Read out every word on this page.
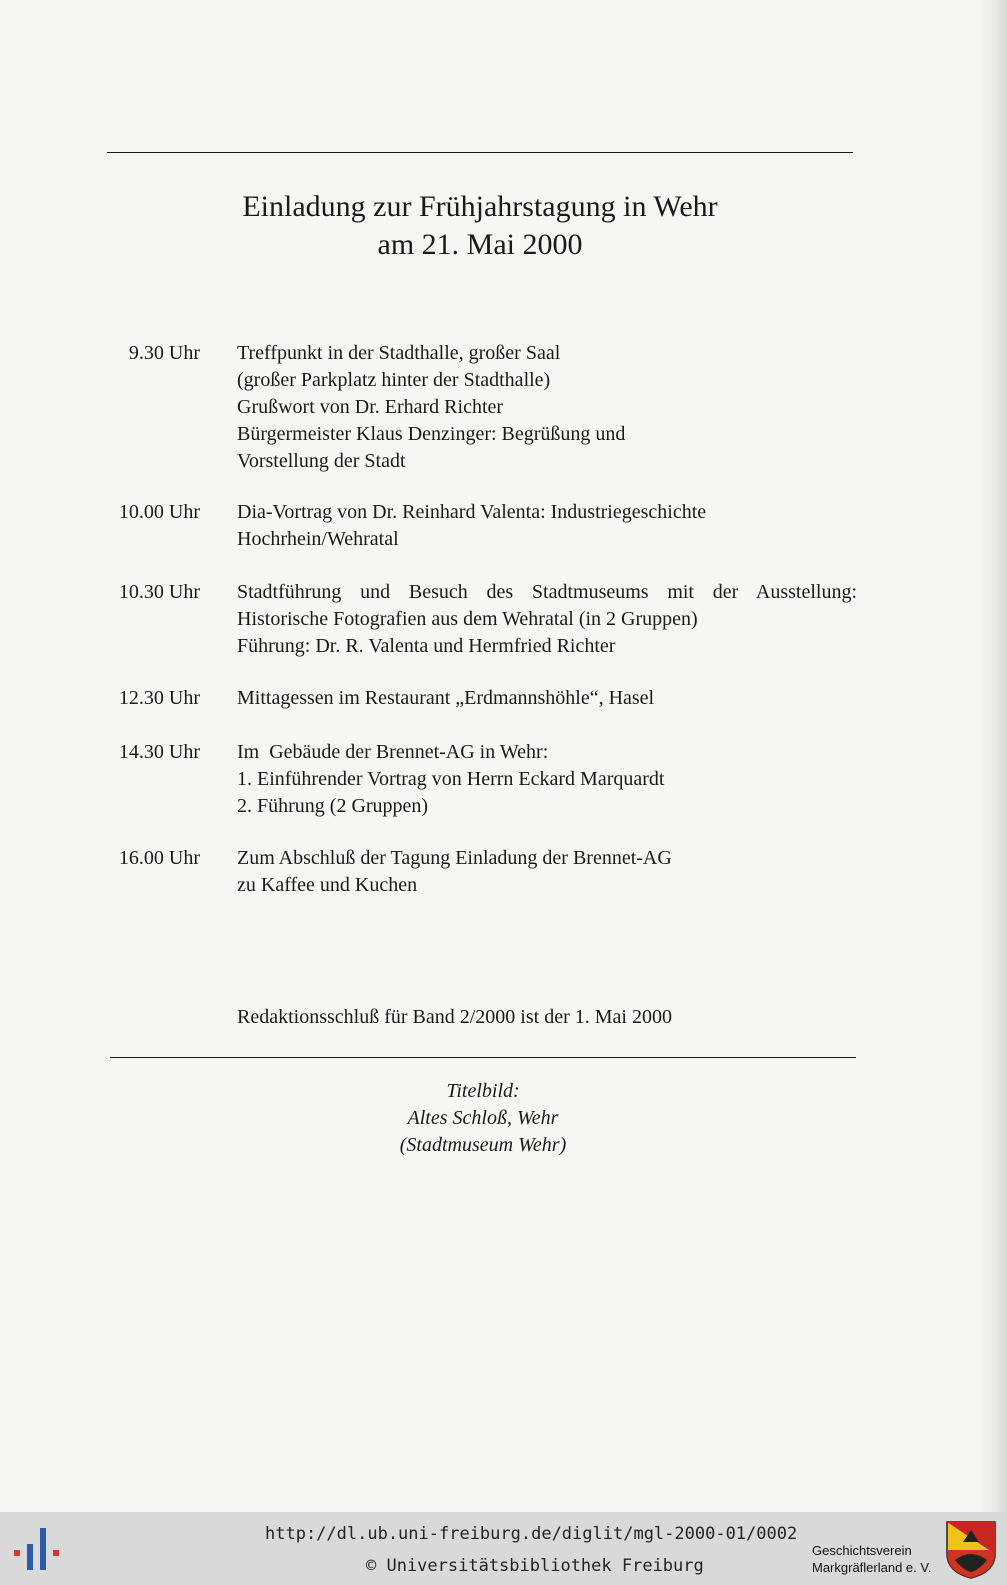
Einladung zur Frühjahrstagung in Wehr
am 21. Mai 2000
9.30 Uhr Treffpunkt in der Stadthalle, großer Saal
(großer Parkplatz hinter der Stadthalle)
Grußwort von Dr. Erhard Richter
Bürgermeister Klaus Denzinger: Begrüßung und
Vorstellung der Stadt
10.00 Uhr Dia-Vortrag von Dr. Reinhard Valenta: Industriegeschichte
Hochrhein/Wehratal
10.30 Uhr Stadtführung und Besuch des Stadtmuseums mit der Ausstellung:
Historische Fotografien aus dem Wehratal (in 2 Gruppen)
Führung: Dr. R. Valenta und Hermfried Richter
12.30 Uhr Mittagessen im Restaurant „Erdmannshöhle“, Hasel
14.30 Uhr Im  Gebäude der Brennet-AG in Wehr:
1. Einführender Vortrag von Herrn Eckard Marquardt
2. Führung (2 Gruppen)
16.00 Uhr Zum Abschluß der Tagung Einladung der Brennet-AG
zu Kaffee und Kuchen
Redaktionsschluß für Band 2/2000 ist der 1. Mai 2000
Titelbild:
Altes Schloß, Wehr
(Stadtmuseum Wehr)
http://dl.ub.uni-freiburg.de/diglit/mgl-2000-01/0002
© Universitätsbibliothek Freiburg
Geschichtsverein
Markgräflerland e. V.
